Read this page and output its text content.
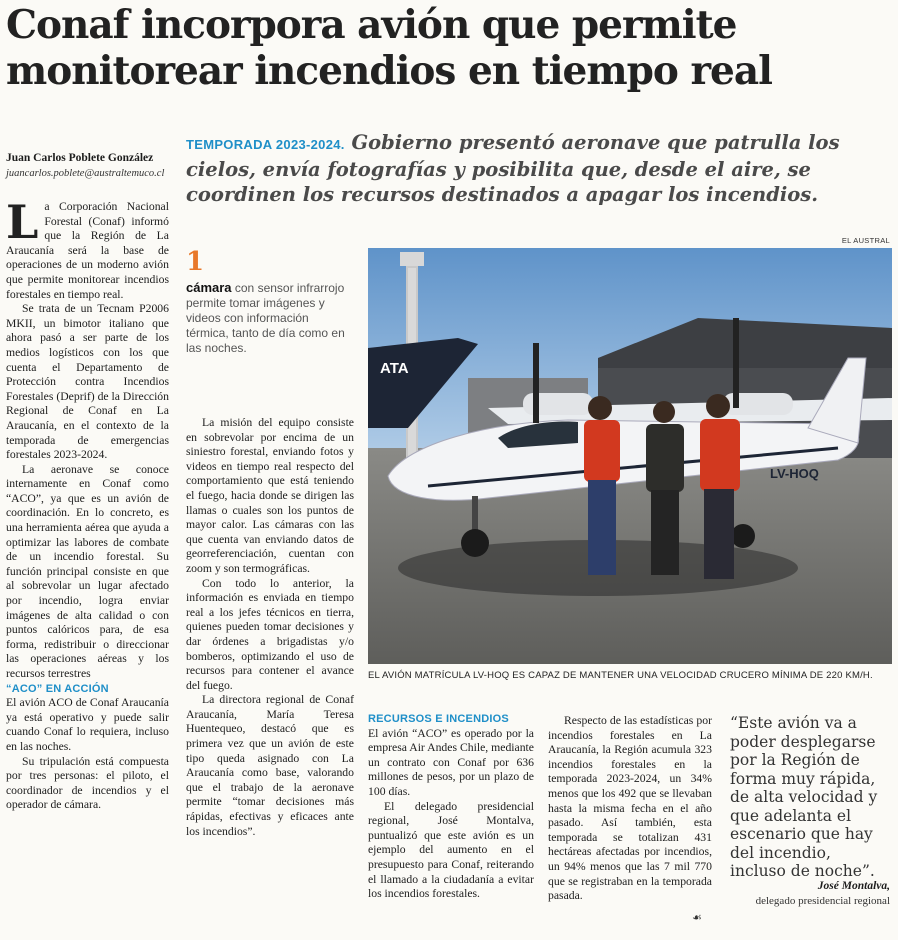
Conaf incorpora avión que permite monitorear incendios en tiempo real
Juan Carlos Poblete González
juancarlos.poblete@australtemuco.cl
TEMPORADA 2023-2024. Gobierno presentó aeronave que patrulla los cielos, envía fotografías y posibilita que, desde el aire, se coordinen los recursos destinados a apagar los incendios.
EL AUSTRAL

La Corporación Nacional Forestal (Conaf) informó que la Región de La Araucanía será la base de operaciones de un moderno avión que permite monitorear incendios forestales en tiempo real.

Se trata de un Tecnam P2006 MKII, un bimotor italiano que ahora pasó a ser parte de los medios logísticos con los que cuenta el Departamento de Protección contra Incendios Forestales (Deprif) de la Dirección Regional de Conaf en La Araucanía, en el contexto de la temporada de emergencias forestales 2023-2024.

La aeronave se conoce internamente en Conaf como “ACO”, ya que es un avión de coordinación. En lo concreto, es una herramienta aérea que ayuda a optimizar las labores de combate de un incendio forestal. Su función principal consiste en que al sobrevolar un lugar afectado por incendio, logra enviar imágenes de alta calidad o con puntos calóricos para, de esa forma, redistribuir o direccionar las operaciones aéreas y los recursos terrestres

“ACO” EN ACCIÓN

El avión ACO de Conaf Araucanía ya está operativo y puede salir cuando Conaf lo requiera, incluso en las noches.

Su tripulación está compuesta por tres personas: el piloto, el coordinador de incendios y el operador de cámara.

1
cámara con sensor infrarrojo permite tomar imágenes y videos con información térmica, tanto de día como en las noches.

La misión del equipo consiste en sobrevolar por encima de un siniestro forestal, enviando fotos y videos en tiempo real respecto del comportamiento que está teniendo el fuego, hacia donde se dirigen las llamas o cuales son los puntos de mayor calor. Las cámaras con las que cuenta van enviando datos de georreferenciación, cuentan con zoom y son termográficas.

Con todo lo anterior, la información es enviada en tiempo real a los jefes técnicos en tierra, quienes pueden tomar decisiones y dar órdenes a brigadistas y/o bomberos, optimizando el uso de recursos para contener el avance del fuego.

La directora regional de Conaf Araucanía, María Teresa Huentequeo, destacó que es primera vez que un avión de este tipo queda asignado con La Araucanía como base, valorando que el trabajo de la aeronave permite “tomar decisiones más rápidas, efectivas y eficaces ante los incendios”.

ATA
LV-HOQ
EL AVIÓN MATRÍCULA LV-HOQ ES CAPAZ DE MANTENER UNA VELOCIDAD CRUCERO MÍNIMA DE 220 KM/H.

RECURSOS E INCENDIOS

El avión “ACO” es operado por la empresa Air Andes Chile, mediante un contrato con Conaf por 636 millones de pesos, por un plazo de 100 días.

El delegado presidencial regional, José Montalva, puntualizó que este avión es un ejemplo del aumento en el presupuesto para Conaf, reiterando el llamado a la ciudadanía a evitar los incendios forestales.

Respecto de las estadísticas por incendios forestales en La Araucanía, la Región acumula 323 incendios forestales en la temporada 2023-2024, un 34% menos que los 492 que se llevaban hasta la misma fecha en el año pasado. Así también, esta temporada se totalizan 431 hectáreas afectadas por incendios, un 94% menos que las 7 mil 770 que se registraban en la temporada pasada.

☙
“Este avión va a poder desplegarse por la Región de forma muy rápida, de alta velocidad y que adelanta el escenario que hay del incendio, incluso de noche”.
José Montalva,
delegado presidencial regional
